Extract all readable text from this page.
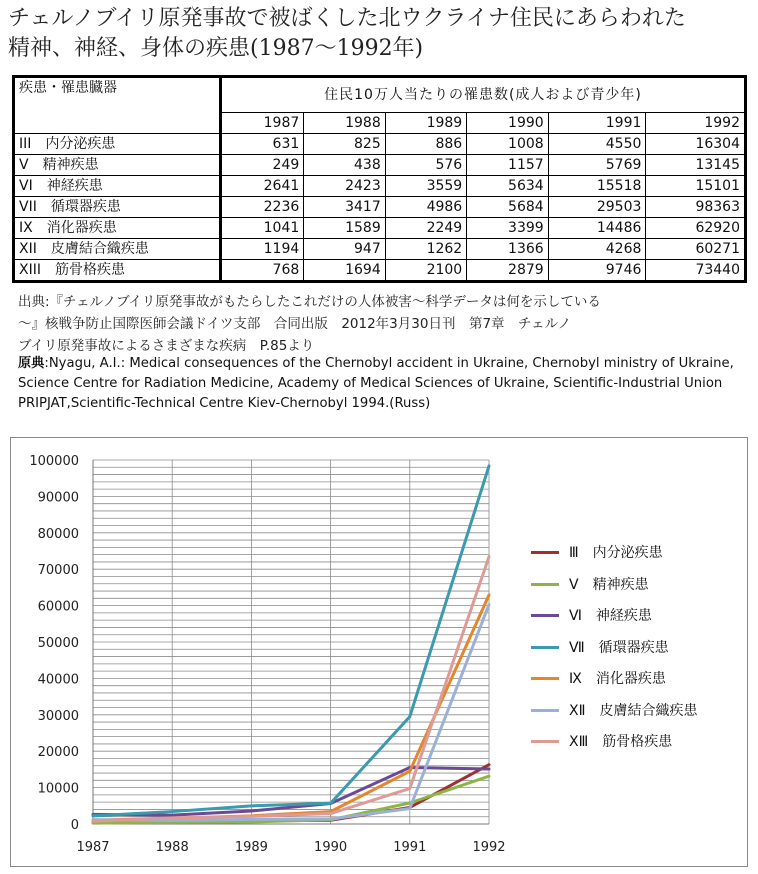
チェルノブイリ原発事故で被ばくした北ウクライナ住民にあらわれた
精神、神経、身体の疾患(1987〜1992年)
疾患・罹患臓器	住民10万人当たりの罹患数(成人および青少年)					
	1987	1988	1989	1990	1991	1992
III　内分泌疾患	631	825	886	1008	4550	16304
V　精神疾患	249	438	576	1157	5769	13145
VI　神経疾患	2641	2423	3559	5634	15518	15101
VII　循環器疾患	2236	3417	4986	5684	29503	98363
IX　消化器疾患	1041	1589	2249	3399	14486	62920
XII　皮膚結合織疾患	1194	947	1262	1366	4268	60271
XIII　筋骨格疾患	768	1694	2100	2879	9746	73440
出典:『チェルノブイリ原発事故がもたらしたこれだけの人体被害〜科学データは何を示している
〜』核戦争防止国際医師会議ドイツ支部　合同出版　2012年3月30日刊　第7章　チェルノ
ブイリ原発事故によるさまざまな疾病　P.85より
原典:Nyagu, A.I.: Medical consequences of the Chernobyl accident in Ukraine, Chernobyl ministry of Ukraine, Science Centre for Radiation Medicine, Academy of Medical Sciences of Ukraine, Scientific-Industrial Union PRIPJAT,Scientific-Technical Centre Kiev-Chernobyl 1994.(Russ)
0
10000
20000
30000
40000
50000
60000
70000
80000
90000
100000
1987	1988	1989	1990	1991	1992
Ⅲ　内分泌疾患
Ⅴ　精神疾患
Ⅵ　神経疾患
Ⅶ　循環器疾患
Ⅸ　消化器疾患
ⅩⅡ　皮膚結合織疾患
ⅩⅢ　筋骨格疾患
